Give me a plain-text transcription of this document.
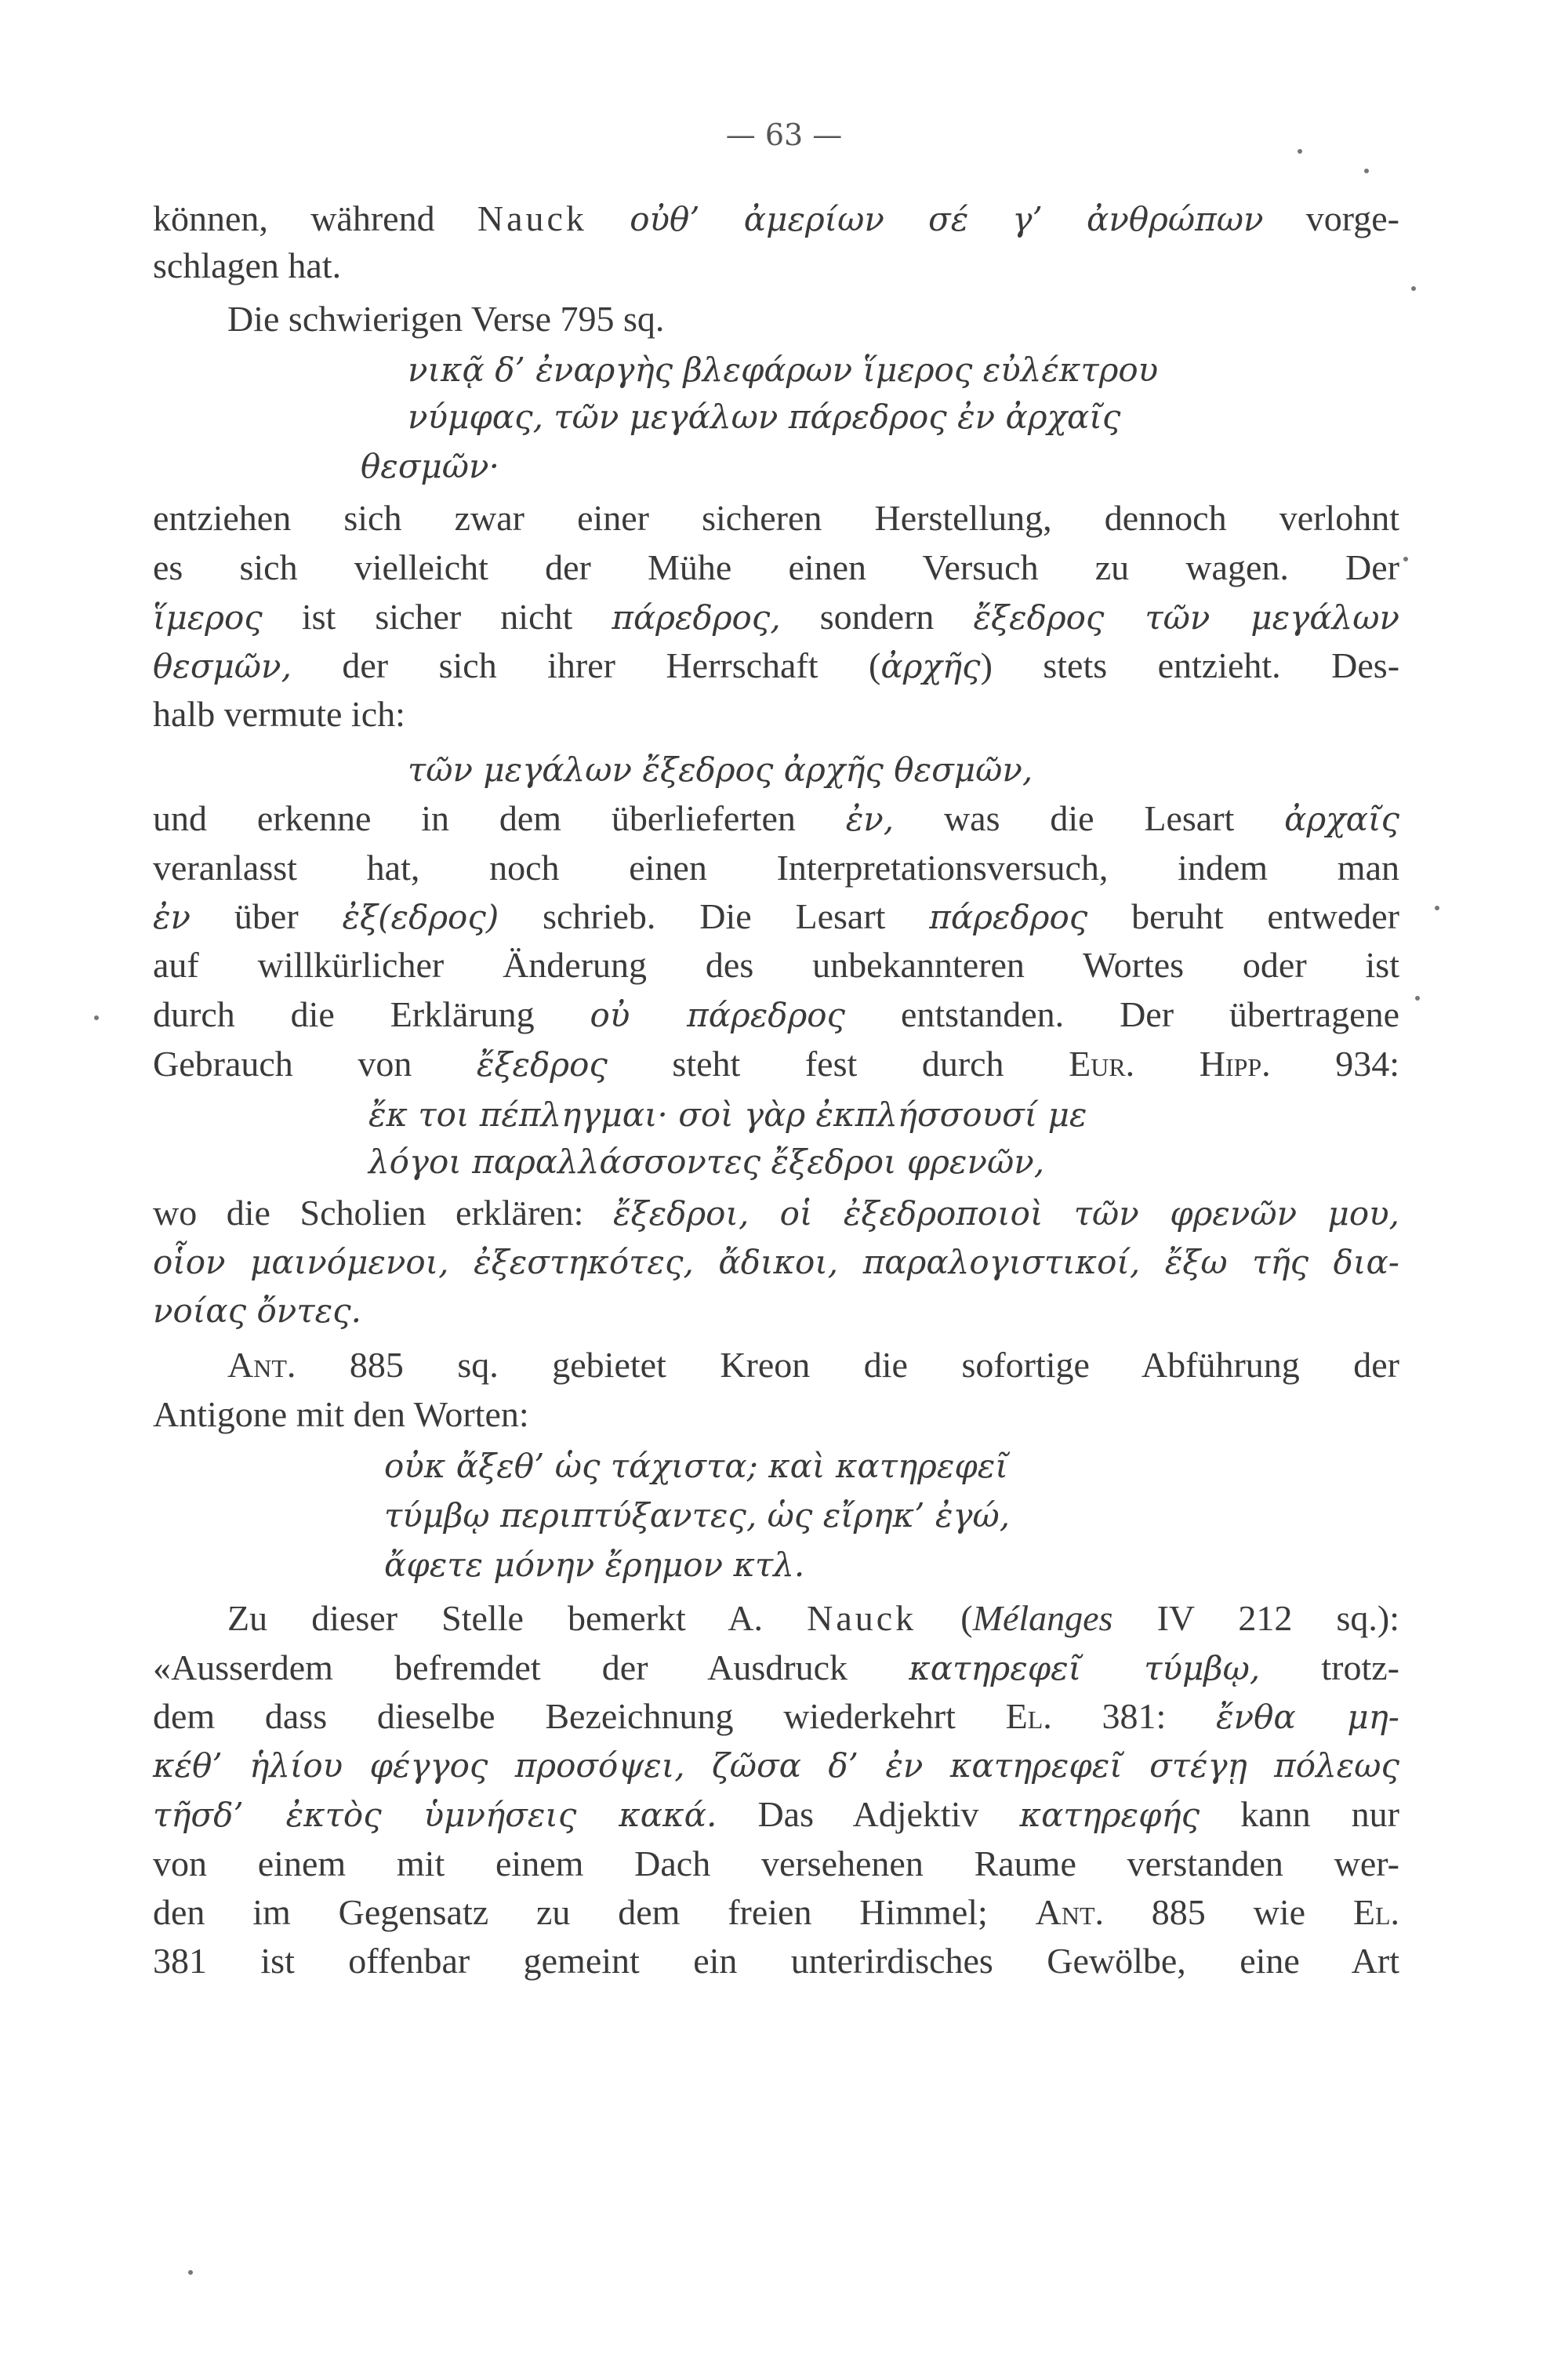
— 63 —
können, während Nauck οὐθ’ ἀμερίων σέ γ’ ἀνθρώπων vorge-
schlagen hat.
Die schwierigen Verse 795 sq.
νικᾷ δ’ ἐναργὴς βλεφάρων ἵμερος εὐλέκτρου
νύμφας, τῶν μεγάλων πάρεδρος ἐν ἀρχαῖς
θεσμῶν·
entziehen sich zwar einer sicheren Herstellung, dennoch verlohnt
es sich vielleicht der Mühe einen Versuch zu wagen. Der
ἵμερος ist sicher nicht πάρεδρος, sondern ἔξεδρος τῶν μεγάλων
θεσμῶν, der sich ihrer Herrschaft (ἀρχῆς) stets entzieht. Des-
halb vermute ich:
τῶν μεγάλων ἔξεδρος ἀρχῆς θεσμῶν,
und erkenne in dem überlieferten ἐν, was die Lesart ἀρχαῖς
veranlasst hat, noch einen Interpretationsversuch, indem man
ἐν über ἐξ(εδρος) schrieb. Die Lesart πάρεδρος beruht entweder
auf willkürlicher Änderung des unbekannteren Wortes oder ist
durch die Erklärung οὐ πάρεδρος entstanden. Der übertragene
Gebrauch von ἔξεδρος steht fest durch Eur. Hipp. 934:
ἔκ τοι πέπληγμαι· σοὶ γὰρ ἐκπλήσσουσί με
λόγοι παραλλάσσοντες ἔξεδροι φρενῶν,
wo die Scholien erklären: ἔξεδροι, οἱ ἐξεδροποιοὶ τῶν φρενῶν μου,
οἷον μαινόμενοι, ἐξεστηκότες, ἄδικοι, παραλογιστικοί, ἔξω τῆς δια-
νοίας ὄντες.
Ant. 885 sq. gebietet Kreon die sofortige Abführung der
Antigone mit den Worten:
οὐκ ἄξεθ’ ὡς τάχιστα; καὶ κατηρεφεῖ
τύμβῳ περιπτύξαντες, ὡς εἴρηκ’ ἐγώ,
ἄφετε μόνην ἔρημον κτλ.
Zu dieser Stelle bemerkt A. Nauck (Mélanges IV 212 sq.):
«Ausserdem befremdet der Ausdruck κατηρεφεῖ τύμβῳ, trotz-
dem dass dieselbe Bezeichnung wiederkehrt El. 381: ἔνθα μη-
κέθ’ ἡλίου φέγγος προσόψει, ζῶσα δ’ ἐν κατηρεφεῖ στέγῃ πόλεως
τῆσδ’ ἐκτὸς ὑμνήσεις κακά. Das Adjektiv κατηρεφής kann nur
von einem mit einem Dach versehenen Raume verstanden wer-
den im Gegensatz zu dem freien Himmel; Ant. 885 wie El.
381 ist offenbar gemeint ein unterirdisches Gewölbe, eine Art
